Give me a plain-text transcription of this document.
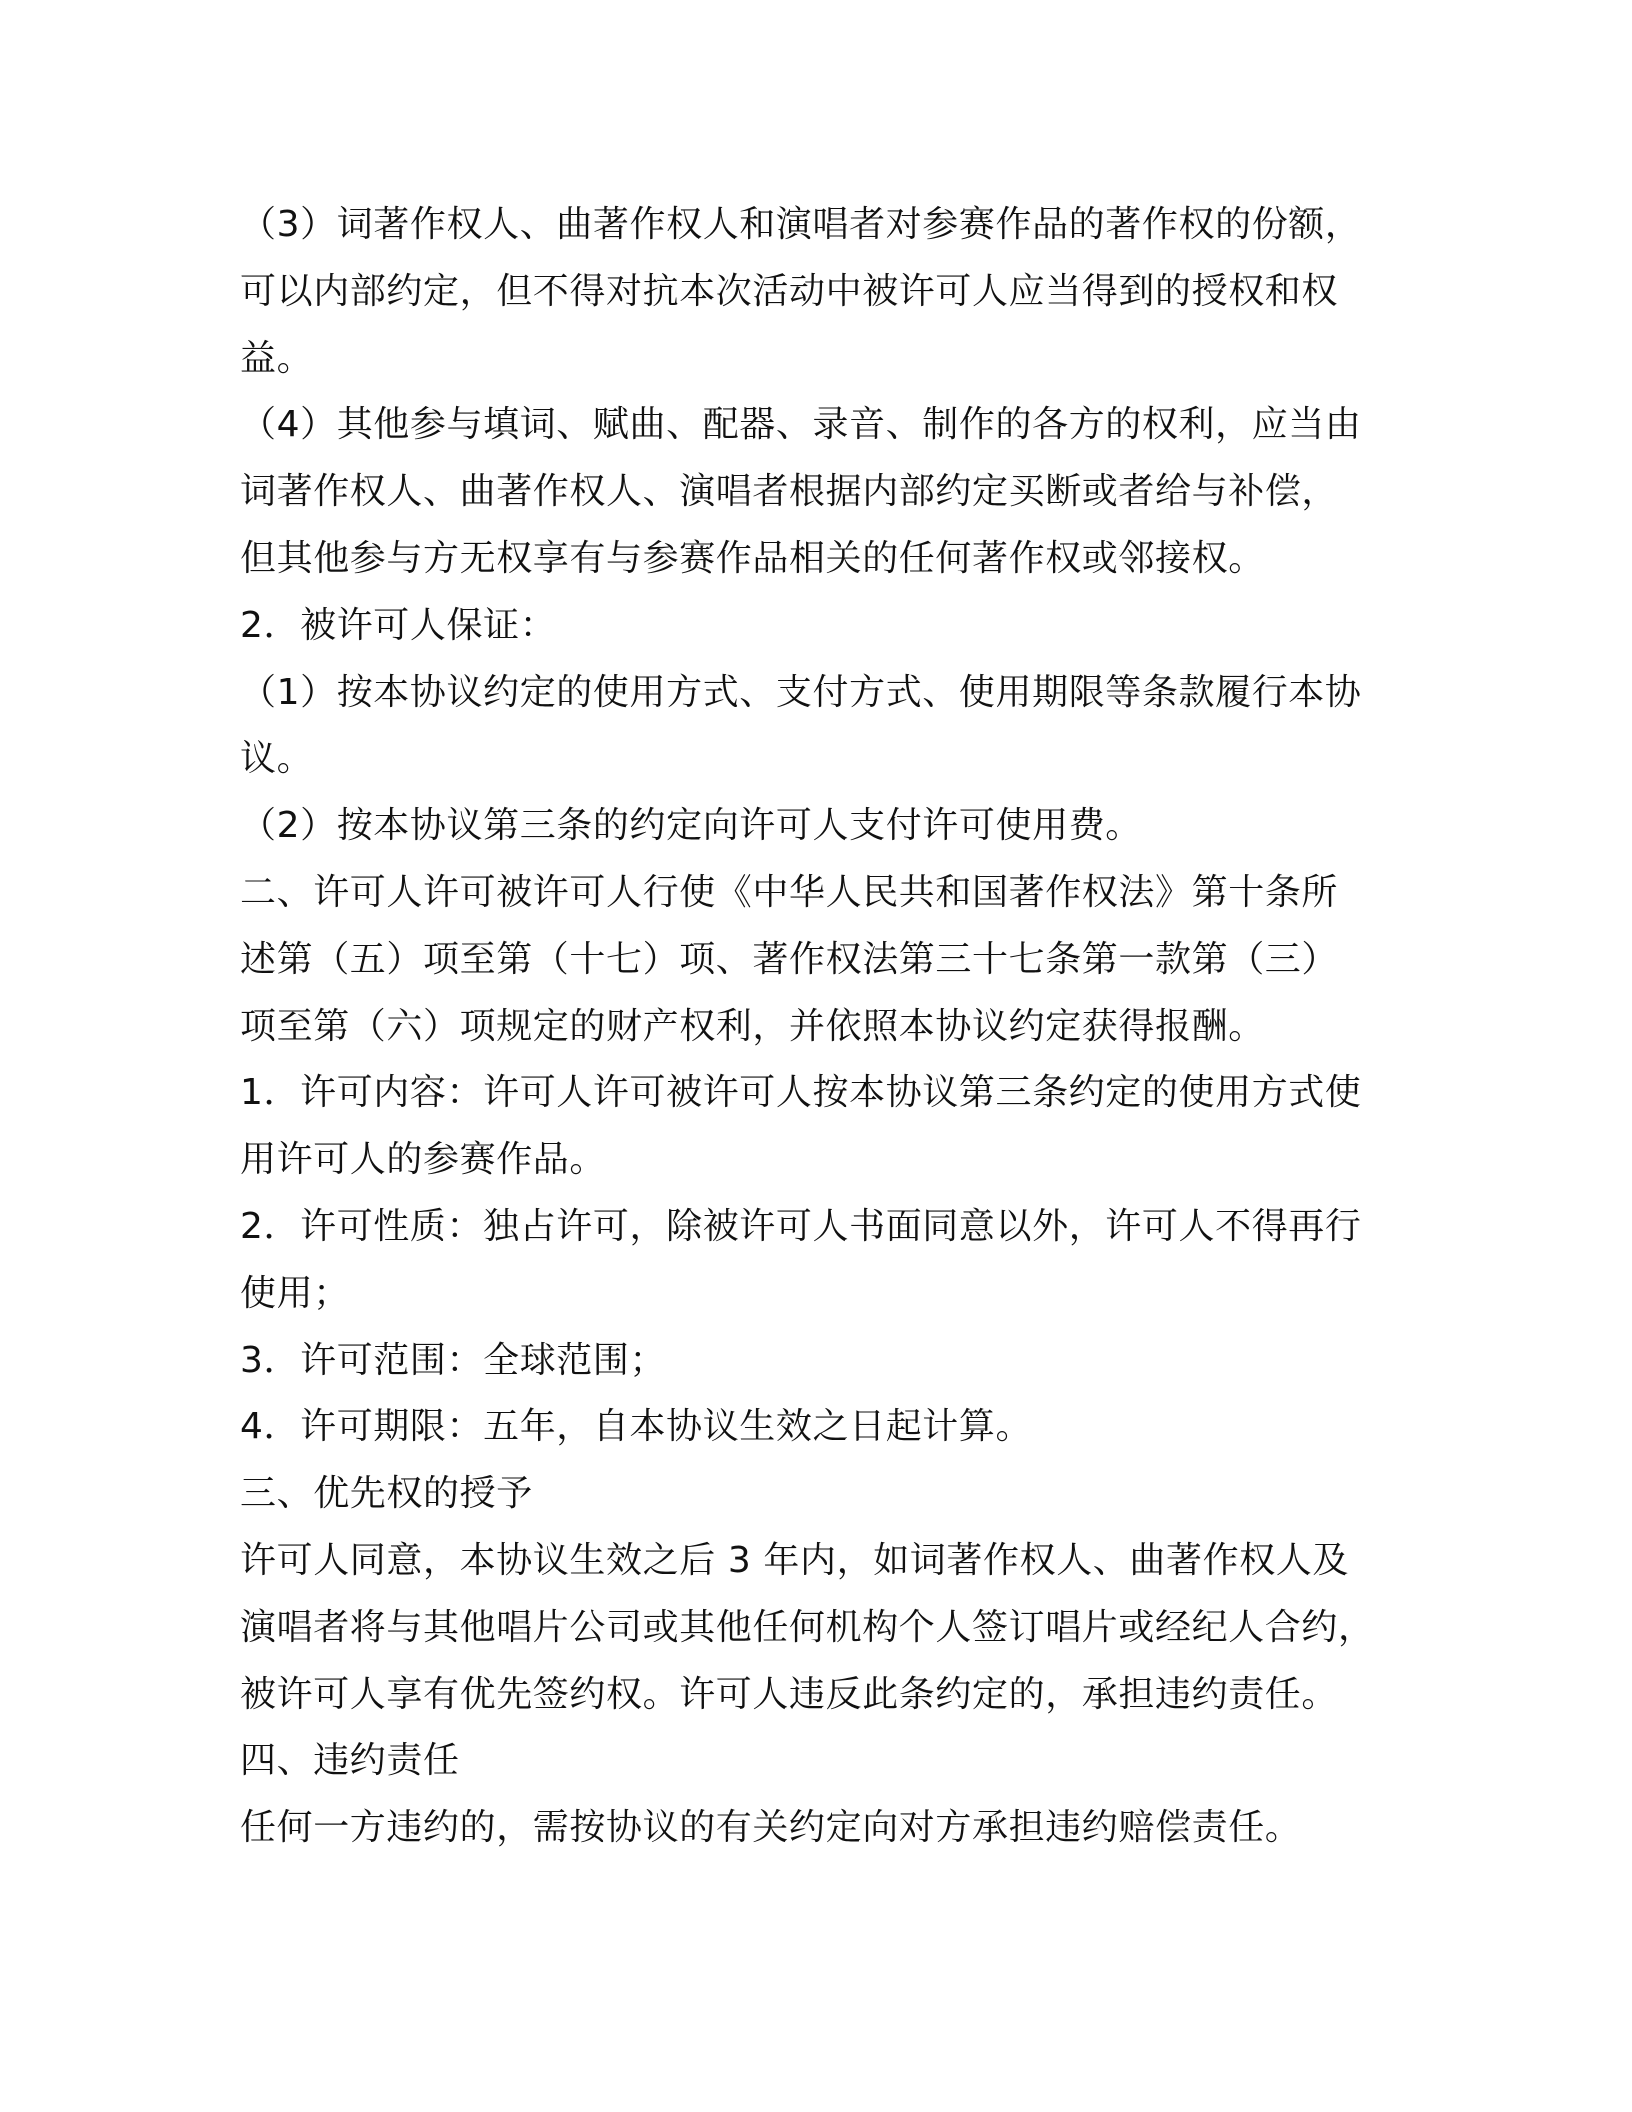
（3）词著作权人、曲著作权人和演唱者对参赛作品的著作权的份额，
可以内部约定，但不得对抗本次活动中被许可人应当得到的授权和权
益。
（4）其他参与填词、赋曲、配器、录音、制作的各方的权利，应当由
词著作权人、曲著作权人、演唱者根据内部约定买断或者给与补偿，
但其他参与方无权享有与参赛作品相关的任何著作权或邻接权。
2．被许可人保证：
（1）按本协议约定的使用方式、支付方式、使用期限等条款履行本协
议。
（2）按本协议第三条的约定向许可人支付许可使用费。
二、许可人许可被许可人行使《中华人民共和国著作权法》第十条所
述第（五）项至第（十七）项、著作权法第三十七条第一款第（三）
项至第（六）项规定的财产权利，并依照本协议约定获得报酬。
1．许可内容：许可人许可被许可人按本协议第三条约定的使用方式使
用许可人的参赛作品。
2．许可性质：独占许可，除被许可人书面同意以外，许可人不得再行
使用；
3．许可范围：全球范围；
4．许可期限：五年，自本协议生效之日起计算。
三、优先权的授予
许可人同意，本协议生效之后 3 年内，如词著作权人、曲著作权人及
演唱者将与其他唱片公司或其他任何机构个人签订唱片或经纪人合约，
被许可人享有优先签约权。许可人违反此条约定的，承担违约责任。
四、违约责任
任何一方违约的，需按协议的有关约定向对方承担违约赔偿责任。
